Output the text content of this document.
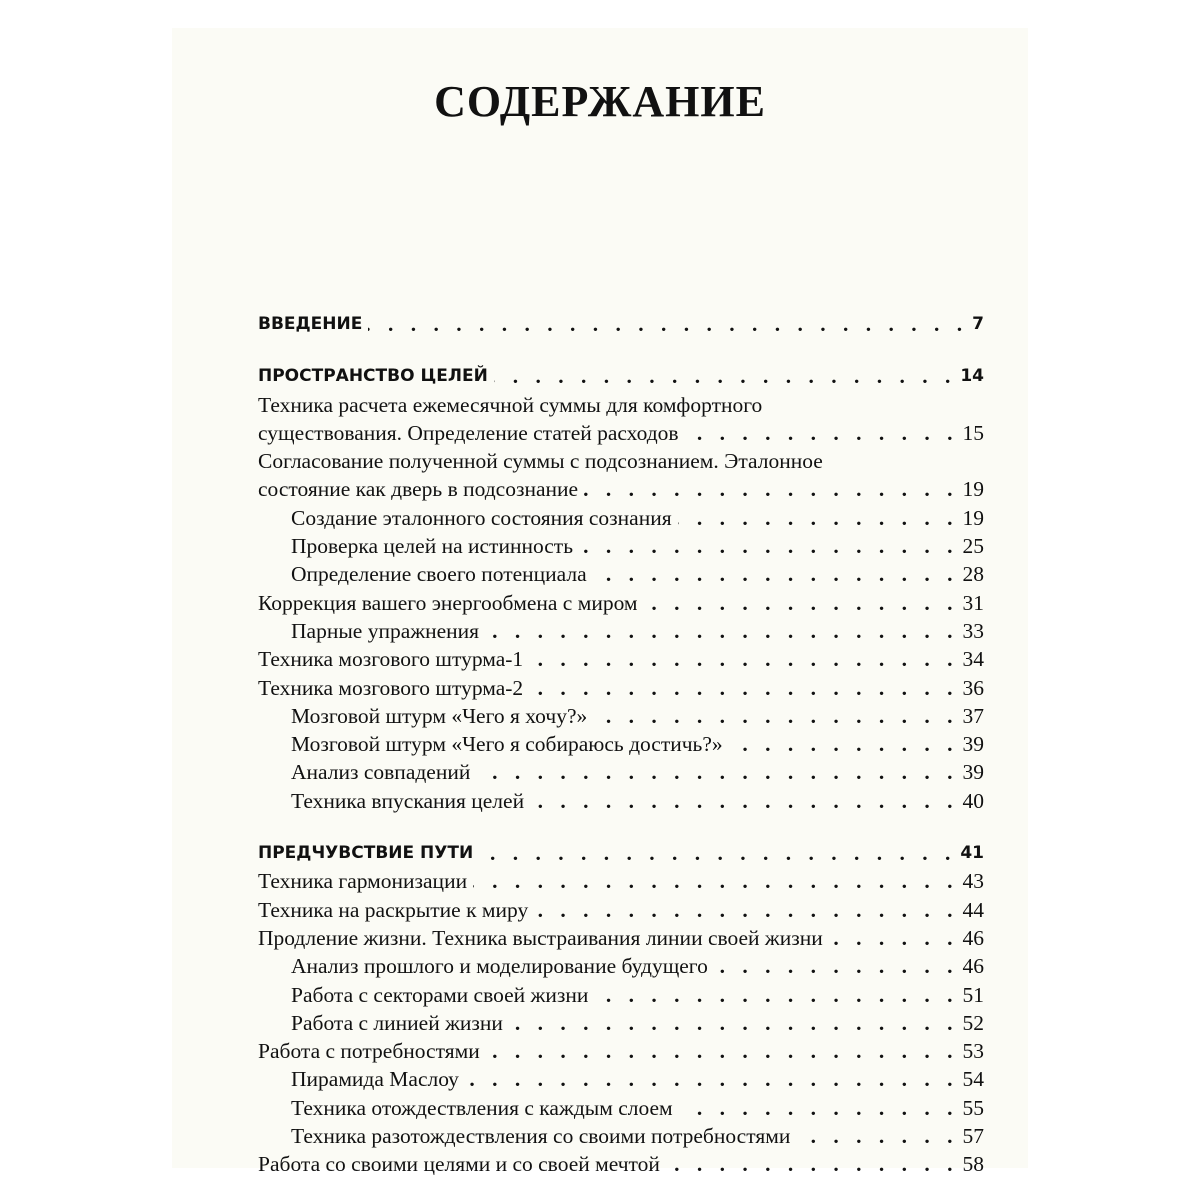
СОДЕРЖАНИЕ
ВВЕДЕНИЕ . . .	7
ПРОСТРАНСТВО ЦЕЛЕЙ . . .	14
Техника расчета ежемесячной суммы для комфортного
существования. Определение статей расходов . . .	15
Согласование полученной суммы с подсознанием. Эталонное
состояние как дверь в подсознание . . .	19
Создание эталонного состояния сознания . . .	19
Проверка целей на истинность . . .	25
Определение своего потенциала . . .	28
Коррекция вашего энергообмена с миром . . .	31
Парные упражнения . . .	33
Техника мозгового штурма-1 . . .	34
Техника мозгового штурма-2 . . .	36
Мозговой штурм «Чего я хочу?» . . .	37
Мозговой штурм «Чего я собираюсь достичь?» . . .	39
Анализ совпадений . . .	39
Техника впускания целей . . .	40
ПРЕДЧУВСТВИЕ ПУТИ . . .	41
Техника гармонизации . . .	43
Техника на раскрытие к миру . . .	44
Продление жизни. Техника выстраивания линии своей жизни . . .	46
Анализ прошлого и моделирование будущего . . .	46
Работа с секторами своей жизни . . .	51
Работа с линией жизни . . .	52
Работа с потребностями . . .	53
Пирамида Маслоу . . .	54
Техника отождествления с каждым слоем . . .	55
Техника разотождествления со своими потребностями . . .	57
Работа со своими целями и со своей мечтой . . .	58
